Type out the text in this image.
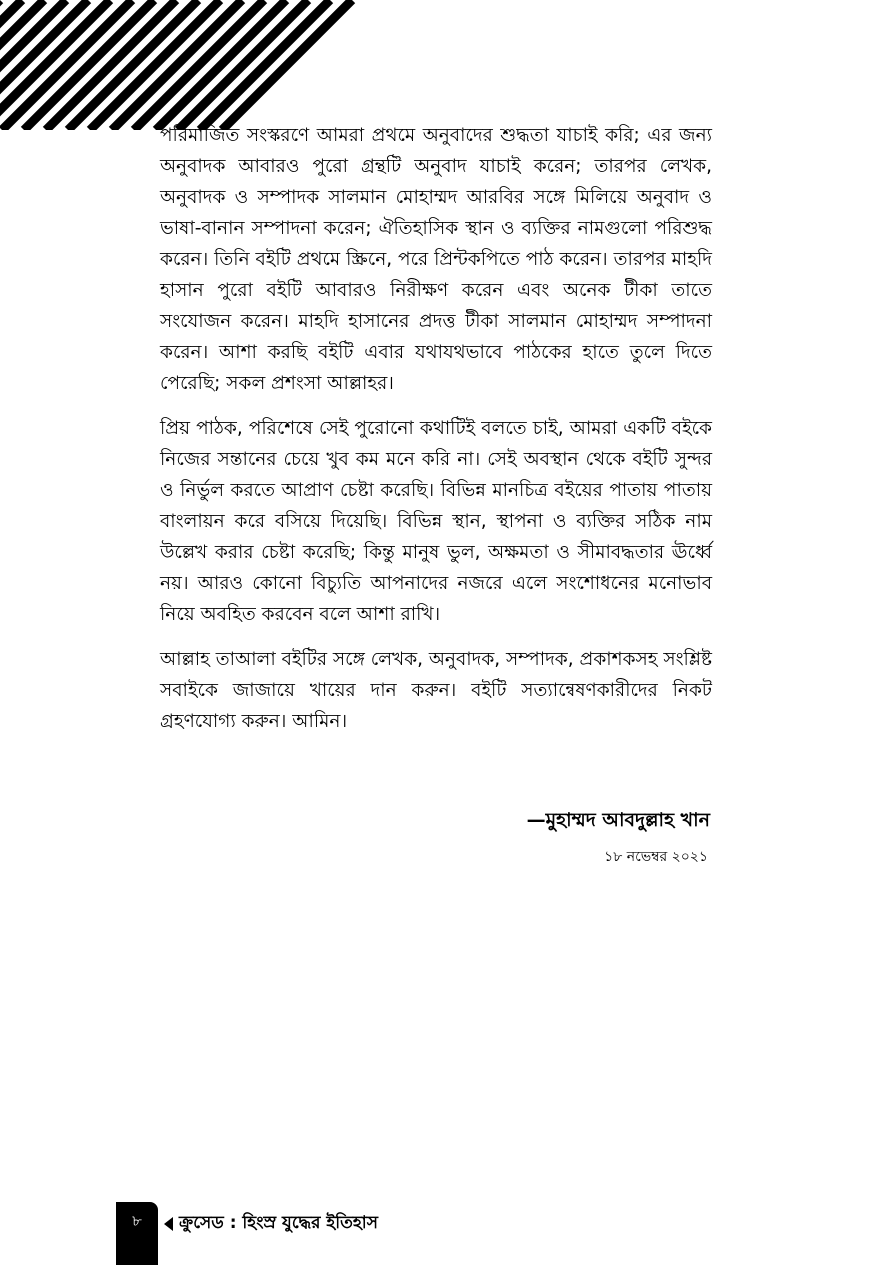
পরিমার্জিত সংস্করণে আমরা প্রথমে অনুবাদের শুদ্ধতা যাচাই করি; এর জন্য অনুবাদক আবারও পুরো গ্রন্থটি অনুবাদ যাচাই করেন; তারপর লেখক, অনুবাদক ও সম্পাদক সালমান মোহাম্মদ আরবির সঙ্গে মিলিয়ে অনুবাদ ও ভাষা-বানান সম্পাদনা করেন; ঐতিহাসিক স্থান ও ব্যক্তির নামগুলো পরিশুদ্ধ করেন। তিনি বইটি প্রথমে স্ক্রিনে, পরে প্রিন্টকপিতে পাঠ করেন। তারপর মাহদি হাসান পুরো বইটি আবারও নিরীক্ষণ করেন এবং অনেক টীকা তাতে সংযোজন করেন। মাহদি হাসানের প্রদত্ত টীকা সালমান মোহাম্মদ সম্পাদনা করেন। আশা করছি বইটি এবার যথাযথভাবে পাঠকের হাতে তুলে দিতে পেরেছি; সকল প্রশংসা আল্লাহর।

প্রিয় পাঠক, পরিশেষে সেই পুরোনো কথাটিই বলতে চাই, আমরা একটি বইকে নিজের সন্তানের চেয়ে খুব কম মনে করি না। সেই অবস্থান থেকে বইটি সুন্দর ও নির্ভুল করতে আপ্রাণ চেষ্টা করেছি। বিভিন্ন মানচিত্র বইয়ের পাতায় পাতায় বাংলায়ন করে বসিয়ে দিয়েছি। বিভিন্ন স্থান, স্থাপনা ও ব্যক্তির সঠিক নাম উল্লেখ করার চেষ্টা করেছি; কিন্তু মানুষ ভুল, অক্ষমতা ও সীমাবদ্ধতার ঊর্ধ্বে নয়। আরও কোনো বিচ্যুতি আপনাদের নজরে এলে সংশোধনের মনোভাব নিয়ে অবহিত করবেন বলে আশা রাখি।

আল্লাহ তাআলা বইটির সঙ্গে লেখক, অনুবাদক, সম্পাদক, প্রকাশকসহ সংশ্লিষ্ট সবাইকে জাজায়ে খায়ের দান করুন। বইটি সত্যান্বেষণকারীদের নিকট গ্রহণযোগ্য করুন। আমিন।

—মুহাম্মদ আবদুল্লাহ খান
১৮ নভেম্বর ২০২১
৮	ক্রুসেড : হিংস্র যুদ্ধের ইতিহাস
